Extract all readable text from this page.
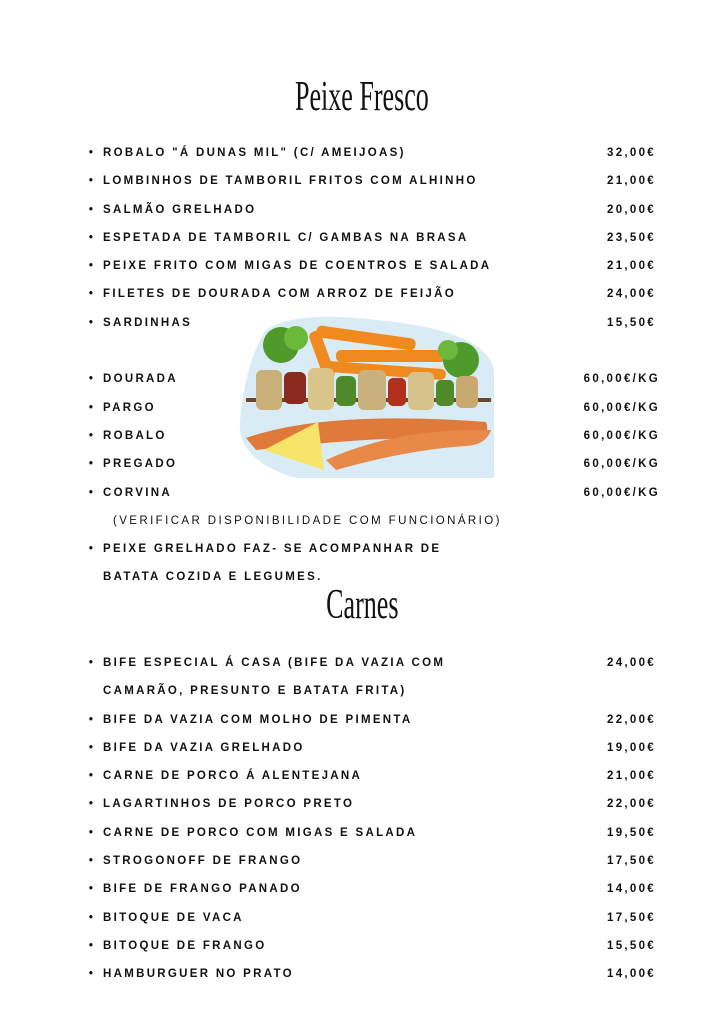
Peixe Fresco
• ROBALO "Á DUNAS MIL" (C/ AMEIJOAS)	32,00€
• LOMBINHOS DE TAMBORIL FRITOS COM ALHINHO	21,00€
• SALMÃO GRELHADO	20,00€
• ESPETADA DE TAMBORIL C/ GAMBAS NA BRASA	23,50€
• PEIXE FRITO COM MIGAS DE COENTROS E SALADA	21,00€
• FILETES DE DOURADA COM ARROZ DE FEIJÃO	24,00€
• SARDINHAS	15,50€
• DOURADA	60,00€/KG
• PARGO	60,00€/KG
• ROBALO	60,00€/KG
• PREGADO	60,00€/KG
• CORVINA	60,00€/KG
(VERIFICAR DISPONIBILIDADE COM FUNCIONÁRIO)
• PEIXE GRELHADO FAZ- SE ACOMPANHAR DE
BATATA COZIDA E LEGUMES.
Carnes
• BIFE ESPECIAL Á CASA (BIFE DA VAZIA COM	24,00€
CAMARÃO, PRESUNTO E BATATA FRITA)
• BIFE DA VAZIA COM MOLHO DE PIMENTA	22,00€
• BIFE DA VAZIA GRELHADO	19,00€
• CARNE DE PORCO Á ALENTEJANA	21,00€
• LAGARTINHOS DE PORCO PRETO	22,00€
• CARNE DE PORCO COM MIGAS E SALADA	19,50€
• STROGONOFF DE FRANGO	17,50€
• BIFE DE FRANGO PANADO	14,00€
• BITOQUE DE VACA	17,50€
• BITOQUE DE FRANGO	15,50€
• HAMBURGUER NO PRATO	14,00€
